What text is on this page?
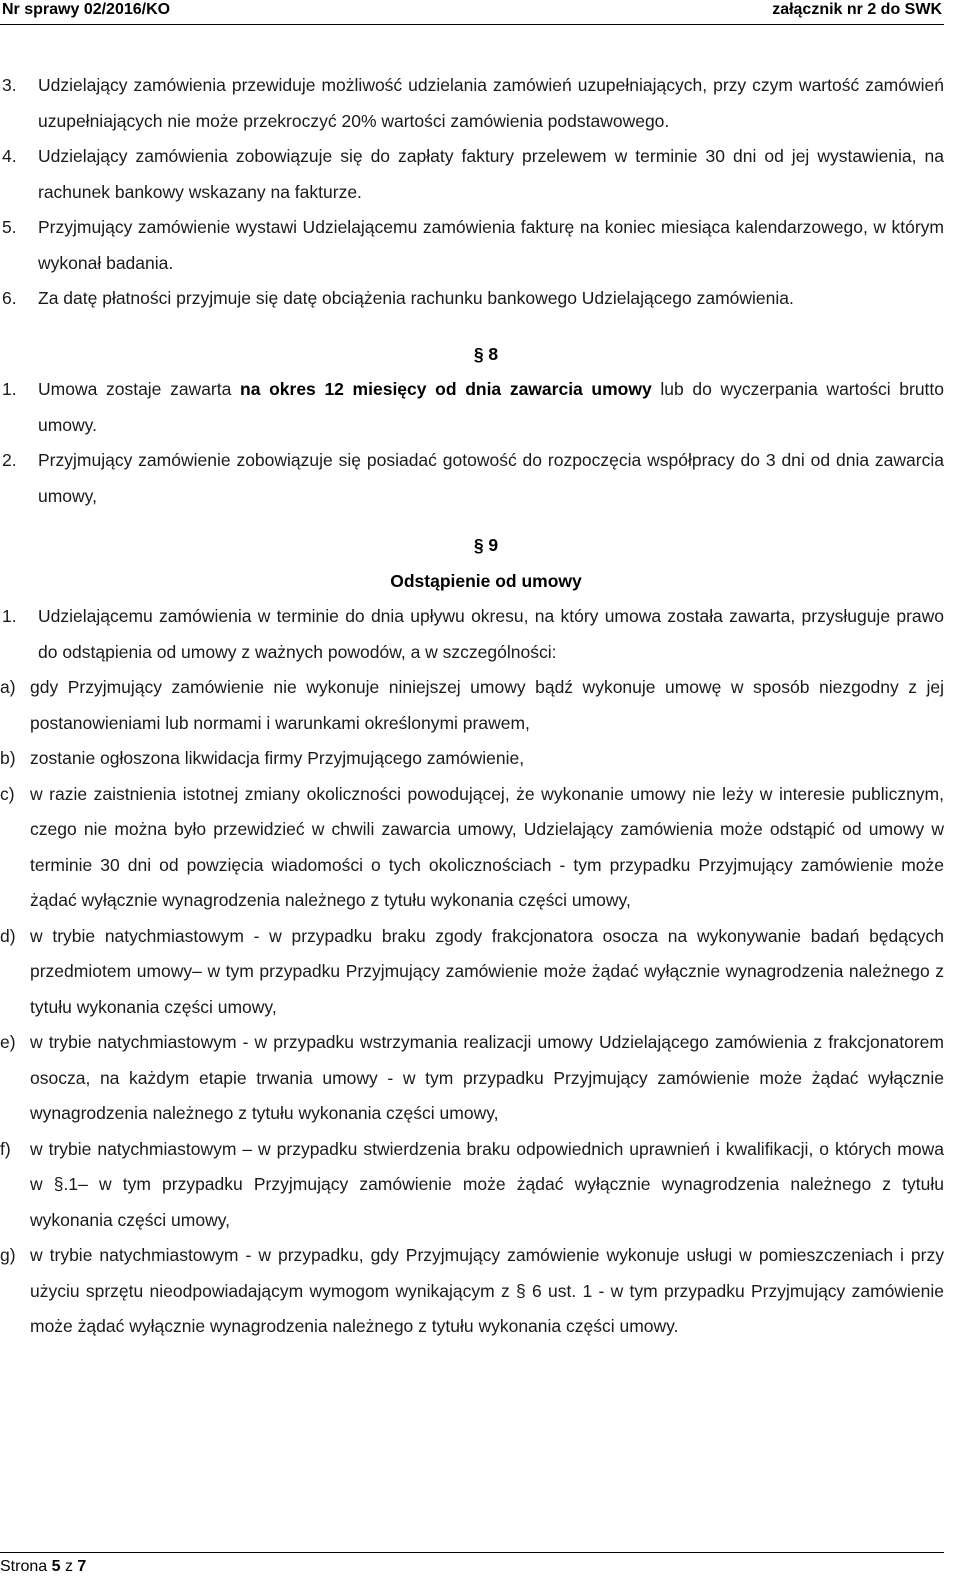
Nr sprawy 02/2016/KO	załącznik nr 2 do SWK
3. Udzielający zamówienia przewiduje możliwość udzielania zamówień uzupełniających, przy czym wartość zamówień uzupełniających nie może przekroczyć 20% wartości zamówienia podstawowego.
4. Udzielający zamówienia zobowiązuje się do zapłaty faktury przelewem w terminie 30 dni od jej wystawienia, na rachunek bankowy wskazany na fakturze.
5. Przyjmujący zamówienie wystawi Udzielającemu zamówienia fakturę na koniec miesiąca kalendarzowego, w którym wykonał badania.
6. Za datę płatności przyjmuje się datę obciążenia rachunku bankowego Udzielającego zamówienia.
§ 8
1. Umowa zostaje zawarta na okres 12 miesięcy od dnia zawarcia umowy lub do wyczerpania wartości brutto umowy.
2. Przyjmujący zamówienie zobowiązuje się posiadać gotowość do rozpoczęcia współpracy do 3 dni od dnia zawarcia umowy,
§ 9
Odstąpienie od umowy
1. Udzielającemu zamówienia w terminie do dnia upływu okresu, na który umowa została zawarta, przysługuje prawo do odstąpienia od umowy z ważnych powodów, a w szczególności:
a) gdy Przyjmujący zamówienie nie wykonuje niniejszej umowy bądź wykonuje umowę w sposób niezgodny z jej postanowieniami lub normami i warunkami określonymi prawem,
b) zostanie ogłoszona likwidacja firmy Przyjmującego zamówienie,
c) w razie zaistnienia istotnej zmiany okoliczności powodującej, że wykonanie umowy nie leży w interesie publicznym, czego nie można było przewidzieć w chwili zawarcia umowy, Udzielający zamówienia może odstąpić od umowy w terminie 30 dni od powzięcia wiadomości o tych okolicznościach - tym przypadku Przyjmujący zamówienie może żądać wyłącznie wynagrodzenia należnego z tytułu wykonania części umowy,
d) w trybie natychmiastowym - w przypadku braku zgody frakcjonatora osocza na wykonywanie badań będących przedmiotem umowy– w tym przypadku Przyjmujący zamówienie może żądać wyłącznie wynagrodzenia należnego z tytułu wykonania części umowy,
e) w trybie natychmiastowym - w przypadku wstrzymania realizacji umowy Udzielającego zamówienia z frakcjonatorem osocza, na każdym etapie trwania umowy - w tym przypadku Przyjmujący zamówienie może żądać wyłącznie wynagrodzenia należnego z tytułu wykonania części umowy,
f) w trybie natychmiastowym – w przypadku stwierdzenia braku odpowiednich uprawnień i kwalifikacji, o których mowa w §.1– w tym przypadku Przyjmujący zamówienie może żądać wyłącznie wynagrodzenia należnego z tytułu wykonania części umowy,
g) w trybie natychmiastowym - w przypadku, gdy Przyjmujący zamówienie wykonuje usługi w pomieszczeniach i przy użyciu sprzętu nieodpowiadającym wymogom wynikającym z § 6 ust. 1 - w tym przypadku Przyjmujący zamówienie może żądać wyłącznie wynagrodzenia należnego z tytułu wykonania części umowy.
Strona 5 z 7
